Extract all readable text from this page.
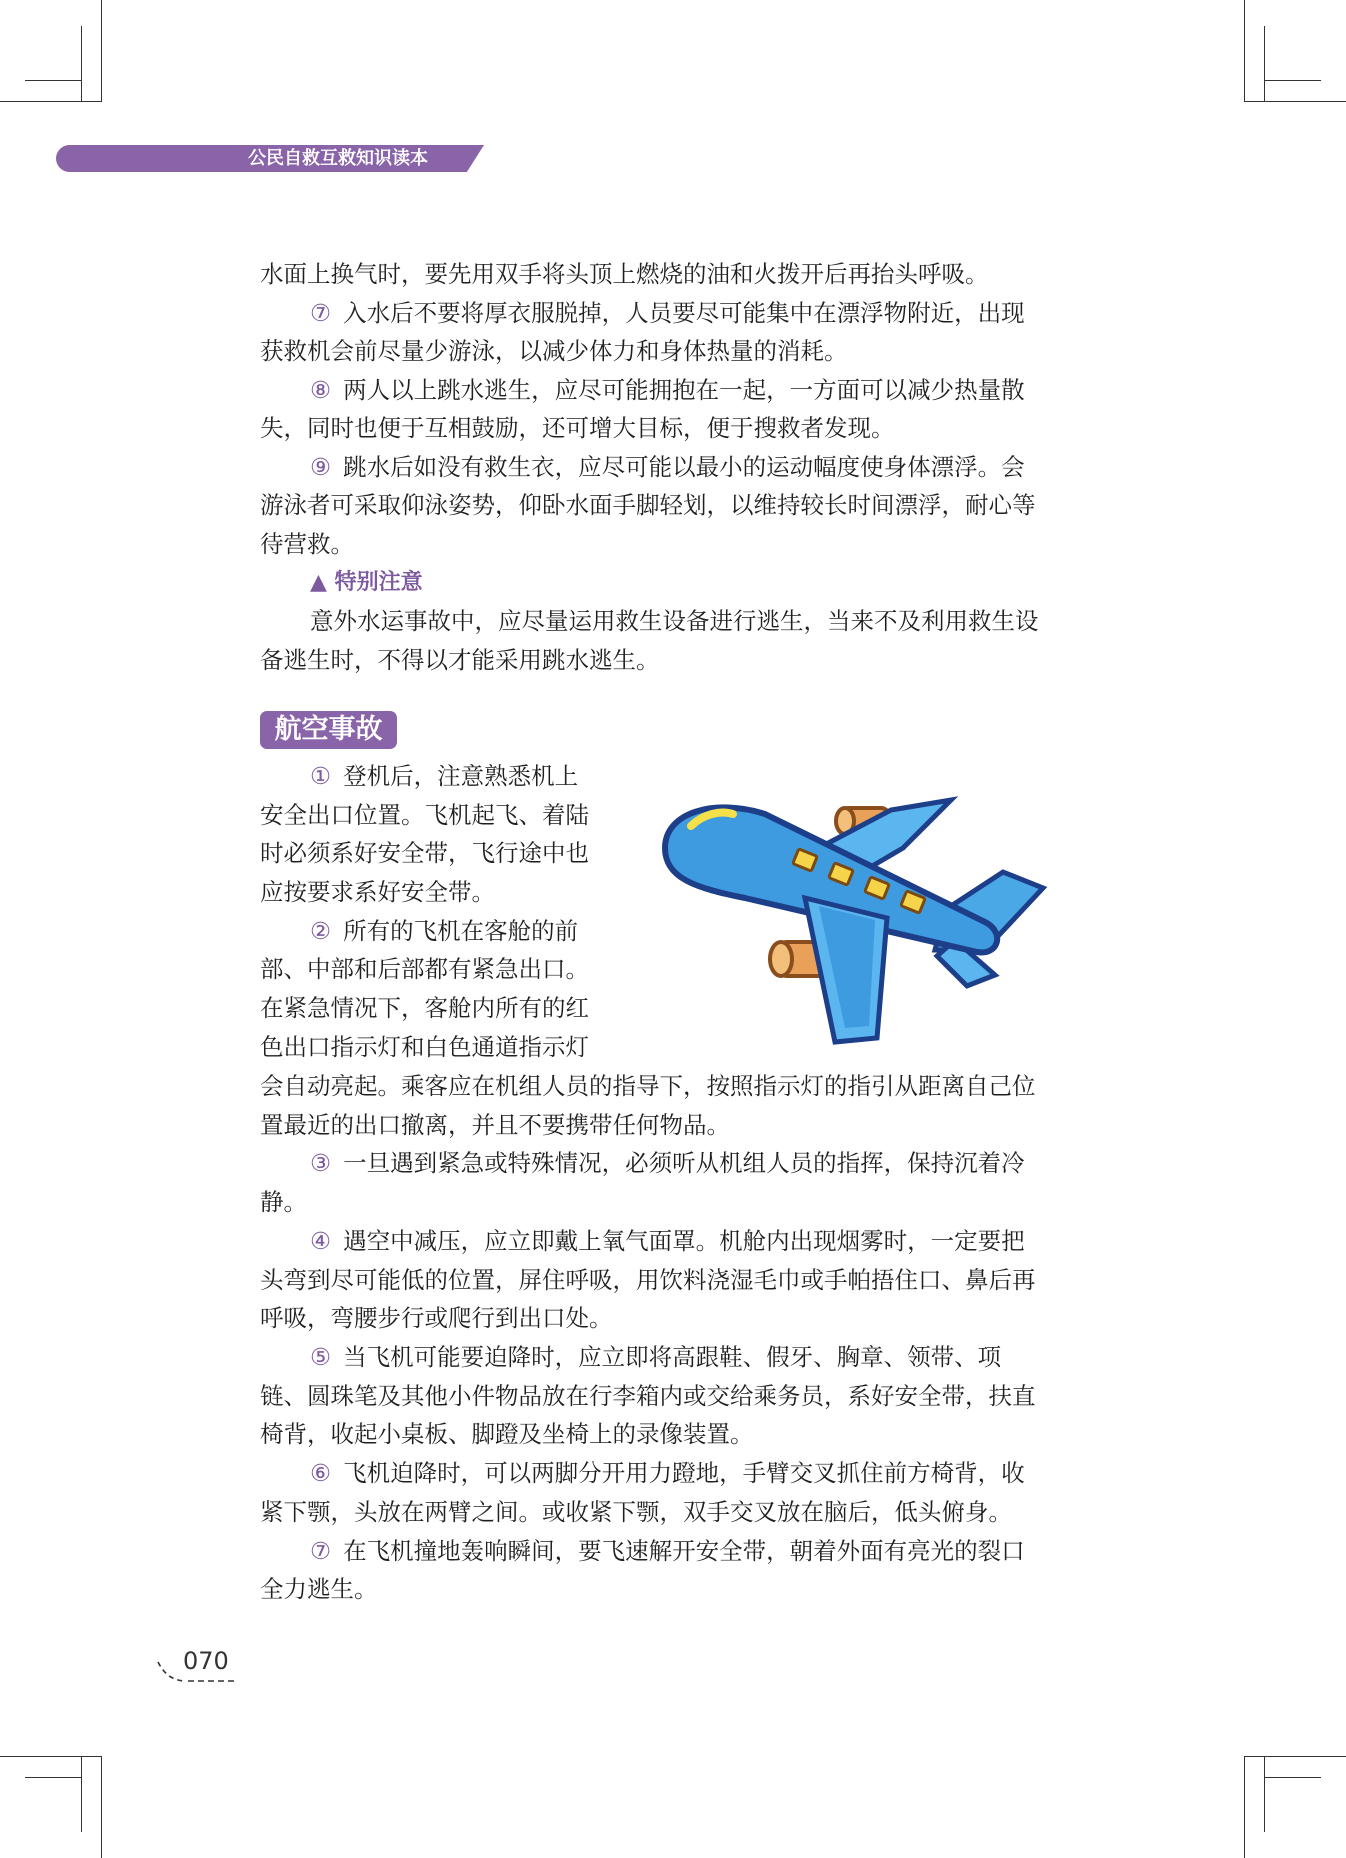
公民自救互救知识读本
水面上换气时，要先用双手将头顶上燃烧的油和火拨开后再抬头呼吸。
⑦ 入水后不要将厚衣服脱掉，人员要尽可能集中在漂浮物附近，出现
获救机会前尽量少游泳，以减少体力和身体热量的消耗。
⑧ 两人以上跳水逃生，应尽可能拥抱在一起，一方面可以减少热量散
失，同时也便于互相鼓励，还可增大目标，便于搜救者发现。
⑨ 跳水后如没有救生衣，应尽可能以最小的运动幅度使身体漂浮。会
游泳者可采取仰泳姿势，仰卧水面手脚轻划，以维持较长时间漂浮，耐心等
待营救。
▲ 特别注意
意外水运事故中，应尽量运用救生设备进行逃生，当来不及利用救生设
备逃生时，不得以才能采用跳水逃生。
航空事故
① 登机后，注意熟悉机上
安全出口位置。飞机起飞、着陆
时必须系好安全带，飞行途中也
应按要求系好安全带。
② 所有的飞机在客舱的前
部、中部和后部都有紧急出口。
在紧急情况下，客舱内所有的红
色出口指示灯和白色通道指示灯
会自动亮起。乘客应在机组人员的指导下，按照指示灯的指引从距离自己位
置最近的出口撤离，并且不要携带任何物品。
③ 一旦遇到紧急或特殊情况，必须听从机组人员的指挥，保持沉着冷
静。
④ 遇空中减压，应立即戴上氧气面罩。机舱内出现烟雾时，一定要把
头弯到尽可能低的位置，屏住呼吸，用饮料浇湿毛巾或手帕捂住口、鼻后再
呼吸，弯腰步行或爬行到出口处。
⑤ 当飞机可能要迫降时，应立即将高跟鞋、假牙、胸章、领带、项
链、圆珠笔及其他小件物品放在行李箱内或交给乘务员，系好安全带，扶直
椅背，收起小桌板、脚蹬及坐椅上的录像装置。
⑥ 飞机迫降时，可以两脚分开用力蹬地，手臂交叉抓住前方椅背，收
紧下颚，头放在两臂之间。或收紧下颚，双手交叉放在脑后，低头俯身。
⑦ 在飞机撞地轰响瞬间，要飞速解开安全带，朝着外面有亮光的裂口
全力逃生。
070
